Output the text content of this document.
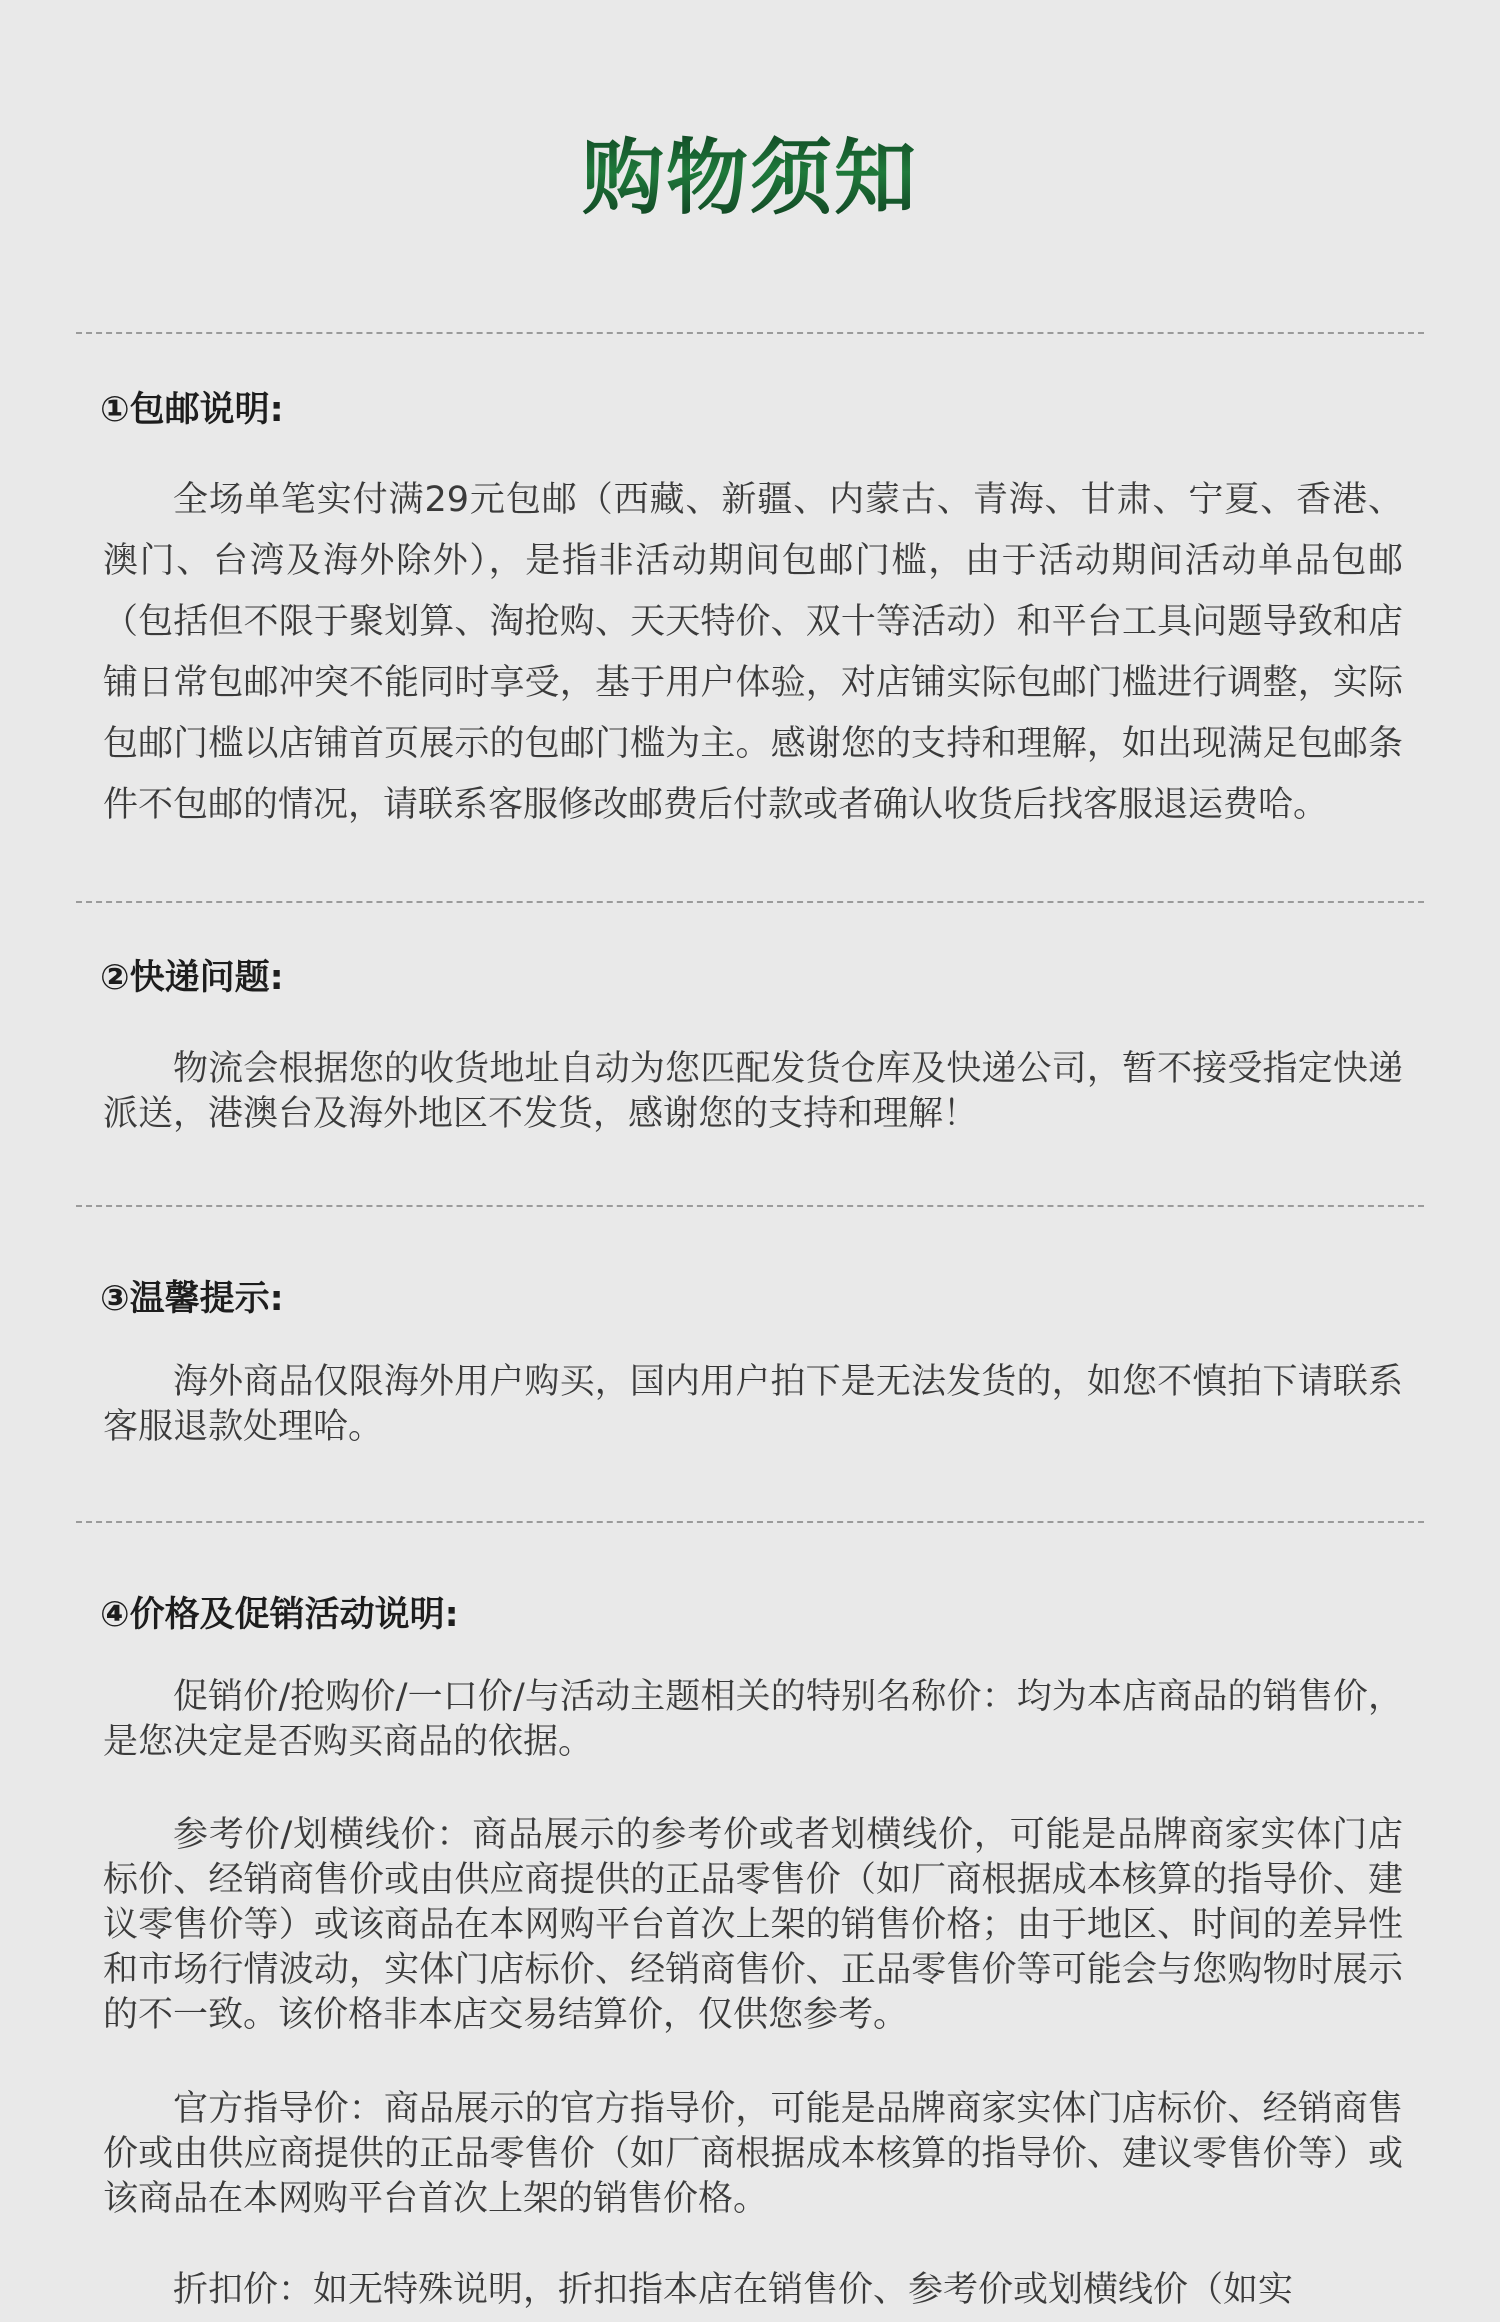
购物须知
①包邮说明:

全场单笔实付满29元包邮（西藏、新疆、内蒙古、青海、甘肃、宁夏、香港、澳门、台湾及海外除外），是指非活动期间包邮门槛，由于活动期间活动单品包邮（包括但不限于聚划算、淘抢购、天天特价、双十等活动）和平台工具问题导致和店铺日常包邮冲突不能同时享受，基于用户体验，对店铺实际包邮门槛进行调整，实际包邮门槛以店铺首页展示的包邮门槛为主。感谢您的支持和理解，如出现满足包邮条件不包邮的情况，请联系客服修改邮费后付款或者确认收货后找客服退运费哈。

②快递问题:

物流会根据您的收货地址自动为您匹配发货仓库及快递公司，暂不接受指定快递派送，港澳台及海外地区不发货，感谢您的支持和理解！

③温馨提示:

海外商品仅限海外用户购买，国内用户拍下是无法发货的，如您不慎拍下请联系客服退款处理哈。

④价格及促销活动说明:

促销价/抢购价/一口价/与活动主题相关的特别名称价：均为本店商品的销售价，是您决定是否购买商品的依据。

参考价/划横线价：商品展示的参考价或者划横线价，可能是品牌商家实体门店标价、经销商售价或由供应商提供的正品零售价（如厂商根据成本核算的指导价、建议零售价等）或该商品在本网购平台首次上架的销售价格；由于地区、时间的差异性和市场行情波动，实体门店标价、经销商售价、正品零售价等可能会与您购物时展示的不一致。该价格非本店交易结算价，仅供您参考。

官方指导价：商品展示的官方指导价，可能是品牌商家实体门店标价、经销商售价或由供应商提供的正品零售价（如厂商根据成本核算的指导价、建议零售价等）或该商品在本网购平台首次上架的销售价格。

折扣价：如无特殊说明，折扣指本店在销售价、参考价或划横线价（如实
